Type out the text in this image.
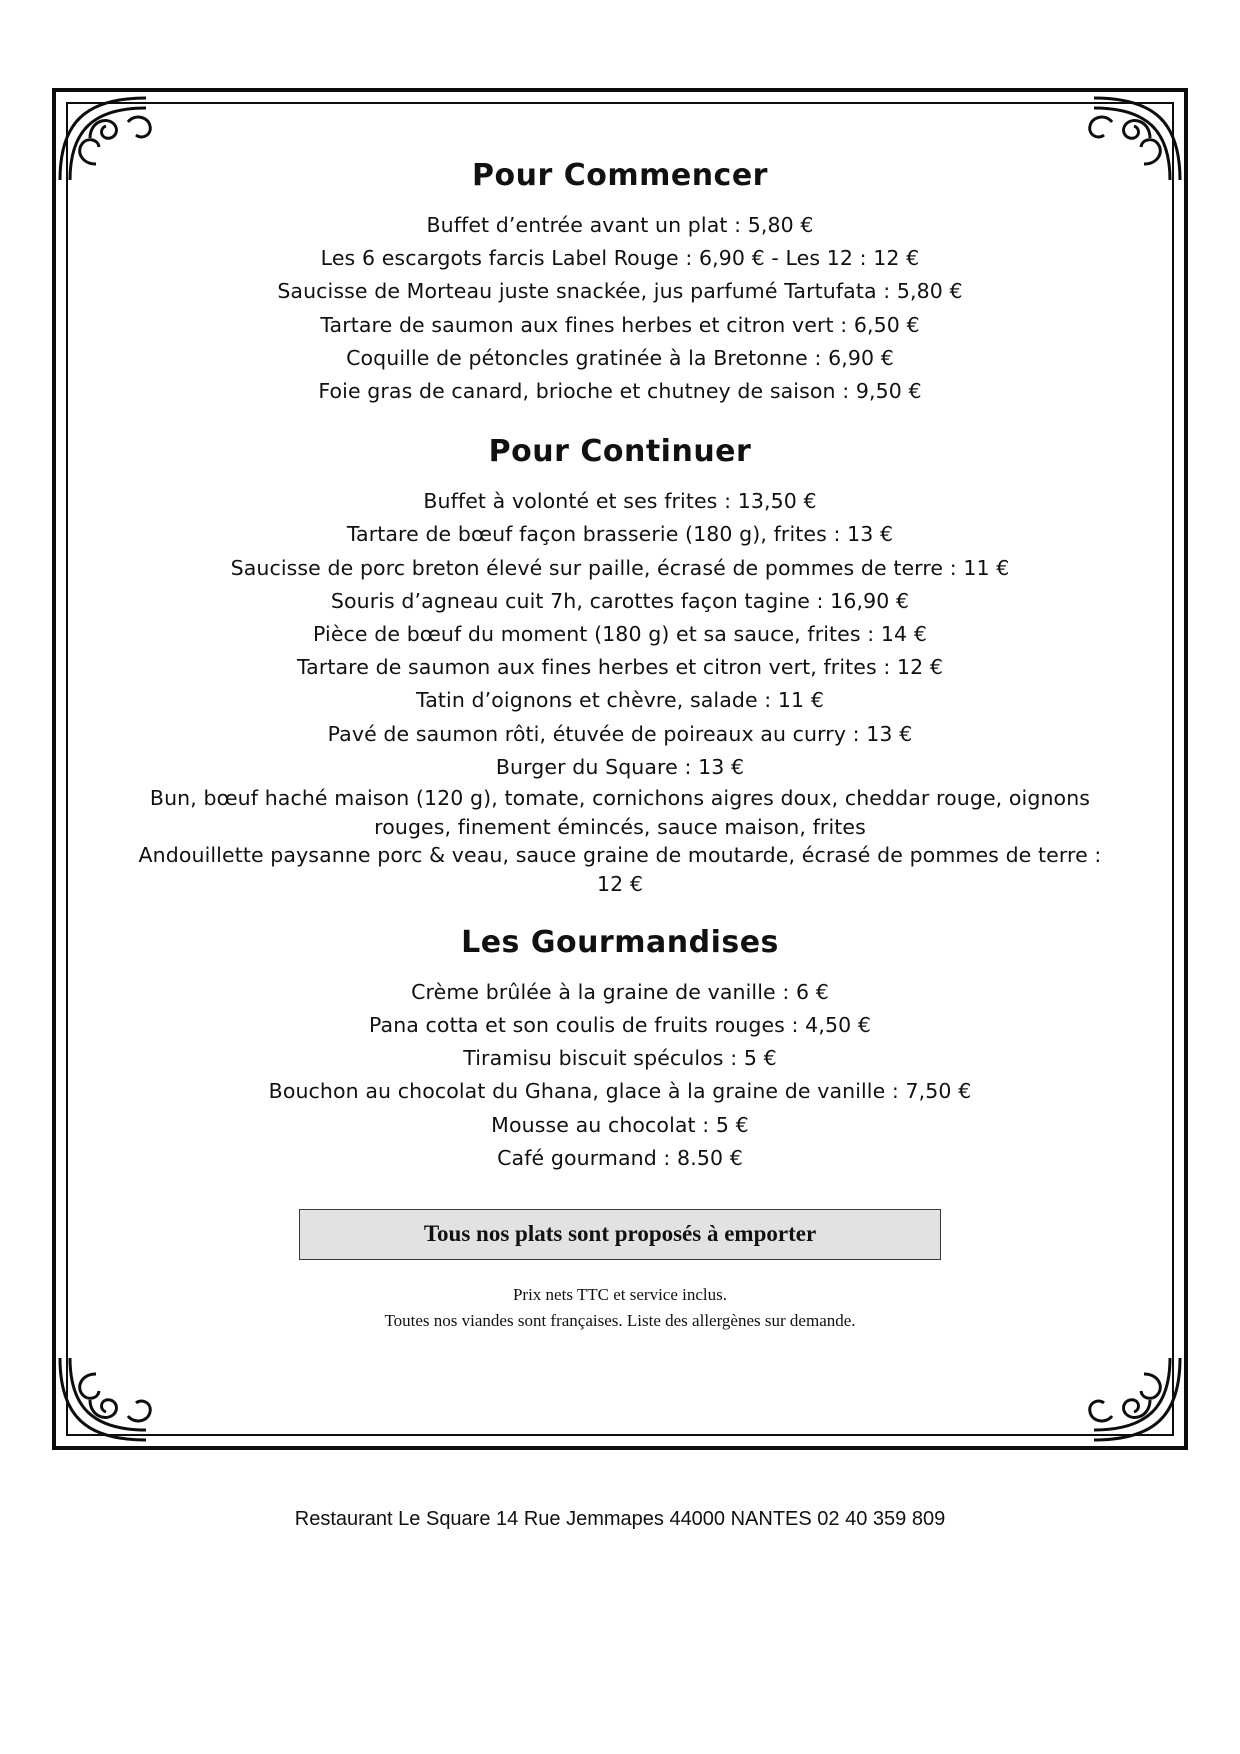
Pour Commencer
Buffet d’entrée avant un plat : 5,80 €
Les 6 escargots farcis Label Rouge : 6,90 € - Les 12 : 12 €
Saucisse de Morteau juste snackée, jus parfumé Tartufata : 5,80 €
Tartare de saumon aux fines herbes et citron vert : 6,50 €
Coquille de pétoncles gratinée à la Bretonne : 6,90 €
Foie gras de canard, brioche et chutney de saison : 9,50 €
Pour Continuer
Buffet à volonté et ses frites : 13,50 €
Tartare de bœuf façon brasserie (180 g), frites : 13 €
Saucisse de porc breton élevé sur paille, écrasé de pommes de terre : 11 €
Souris d’agneau cuit 7h, carottes façon tagine : 16,90 €
Pièce de bœuf du moment (180 g) et sa sauce, frites : 14 €
Tartare de saumon aux fines herbes et citron vert, frites : 12 €
Tatin d’oignons et chèvre, salade : 11 €
Pavé de saumon rôti, étuvée de poireaux au curry : 13 €
Burger du Square : 13 €
Bun, bœuf haché maison (120 g), tomate, cornichons aigres doux, cheddar rouge, oignons rouges, finement émincés, sauce maison, frites
Andouillette paysanne porc & veau, sauce graine de moutarde, écrasé de pommes de terre : 12 €
Les Gourmandises
Crème brûlée à la graine de vanille : 6 €
Pana cotta et son coulis de fruits rouges : 4,50 €
Tiramisu biscuit spéculos : 5 €
Bouchon au chocolat du Ghana, glace à la graine de vanille : 7,50 €
Mousse au chocolat : 5 €
Café gourmand : 8.50 €
Tous nos plats sont proposés à emporter
Prix nets TTC et service inclus.
Toutes nos viandes sont françaises. Liste des allergènes sur demande.
Restaurant Le Square 14 Rue Jemmapes 44000 NANTES 02 40 359 809
